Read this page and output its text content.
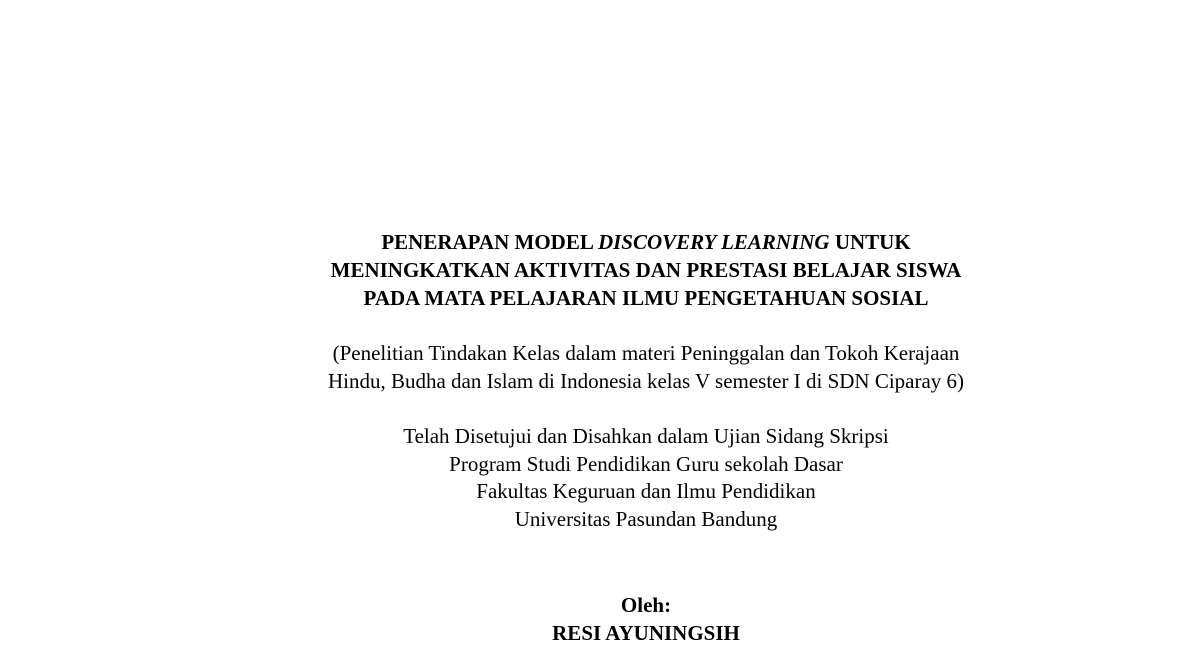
PENERAPAN MODEL DISCOVERY LEARNING UNTUK
MENINGKATKAN AKTIVITAS DAN PRESTASI BELAJAR SISWA
PADA MATA PELAJARAN ILMU PENGETAHUAN SOSIAL
(Penelitian Tindakan Kelas dalam materi Peninggalan dan Tokoh Kerajaan
Hindu, Budha dan Islam di Indonesia kelas V semester I di SDN Ciparay 6)
Telah Disetujui dan Disahkan dalam Ujian Sidang Skripsi
Program Studi Pendidikan Guru sekolah Dasar
Fakultas Keguruan dan Ilmu Pendidikan
Universitas Pasundan Bandung
Oleh:
RESI AYUNINGSIH
